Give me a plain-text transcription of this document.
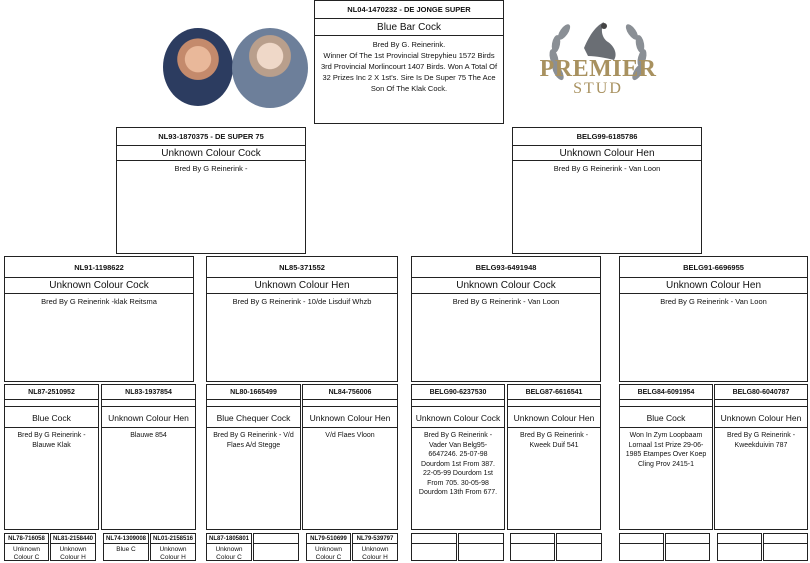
NL04-1470232 - DE JONGE SUPER
Blue Bar Cock
Bred By G. Reinerink.
Winner Of The 1st Provincial Strepyhieu 1572 Birds 3rd Provincial Morlincourt 1407 Birds. Won A Total Of 32 Prizes Inc 2 X 1st's. Sire Is De Super 75 The Ace Son Of The Klak Cock.
PREMIER
STUD
NL93-1870375 - DE SUPER 75
Unknown Colour Cock
Bred By G Reinerink -
BELG99-6185786
Unknown Colour Hen
Bred By G Reinerink - Van Loon
NL91-1198622
Unknown Colour Cock
Bred By G Reinerink -klak Reitsma
NL85-371552
Unknown Colour Hen
Bred By G Reinerink - 10/de Lisduif Whzb
BELG93-6491948
Unknown Colour Cock
Bred By G Reinerink - Van Loon
BELG91-6696955
Unknown Colour Hen
Bred By G Reinerink - Van Loon
NL87-2510952
Blue Cock
Bred By G Reinerink - Blauwe Klak
NL83-1937854
Unknown Colour Hen
Blauwe 854
NL80-1665499
Blue Chequer Cock
Bred By G Reinerink - V/d Flaes A/d Stegge
NL84-756006
Unknown Colour Hen
V/d Flaes Vloon
BELG90-6237530
Unknown Colour Cock
Bred By G Reinerink - Vader Van Belg95-6647246. 25-07-98 Dourdom 1st From 387. 22-05-99 Dourdom 1st From 705. 30-05-98 Dourdom 13th From 677.
BELG87-6616541
Unknown Colour Hen
Bred By G Reinerink - Kweek Duif 541
BELG84-6091954
Blue Cock
Won In Zym Loopbaam Lornaal 1st Prize 29-06-1985 Etampes Over Koep Cling Prov 2415-1
BELG80-6040787
Unknown Colour Hen
Bred By G Reinerink - Kweekduivin 787
NL78-716058
Unknown Colour C
NL81-2158440
Unknown Colour H
NL74-1309008
Blue C
NL01-2158516
Unknown Colour H
NL87-1805801
Unknown Colour C
NL79-510699
Unknown Colour C
NL79-539797
Unknown Colour H
